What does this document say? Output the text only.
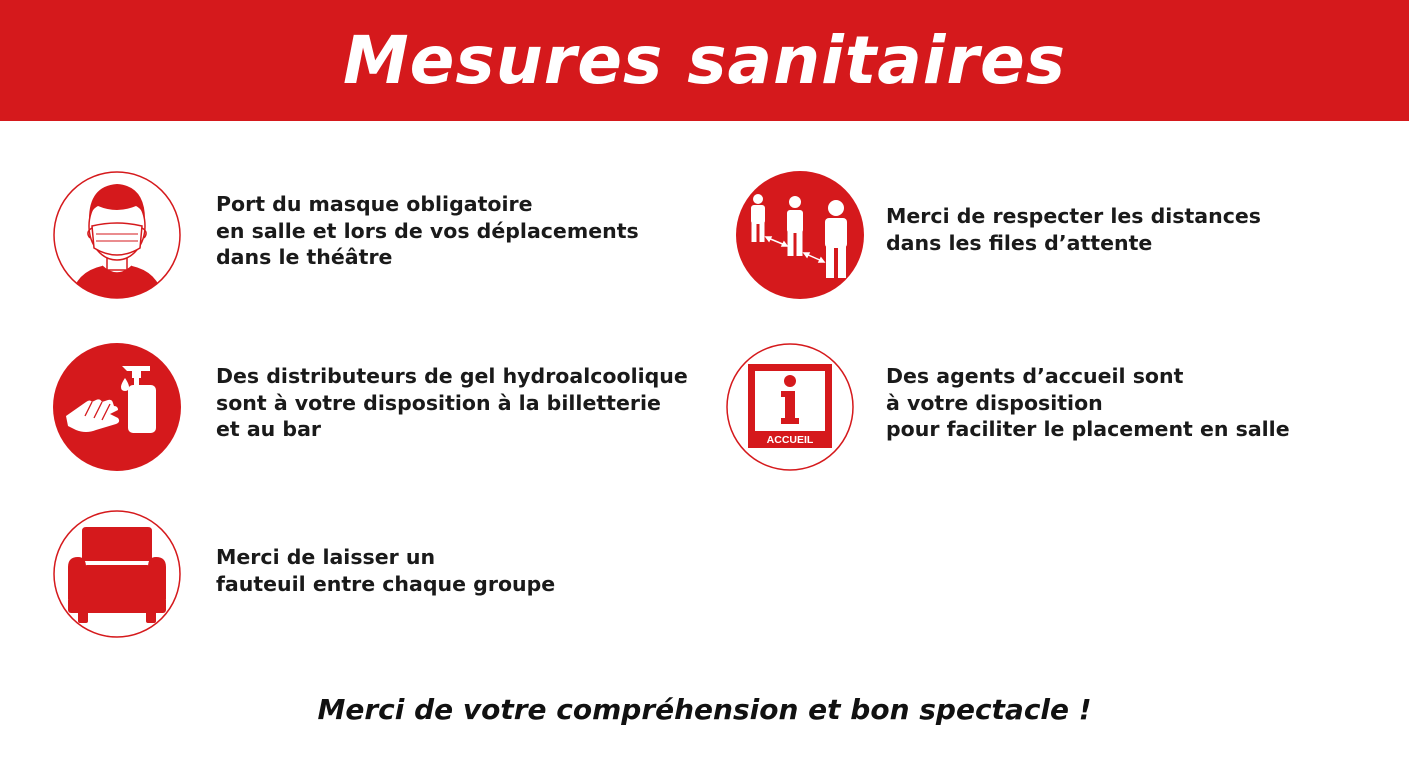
Mesures sanitaires
Port du masque obligatoire
en salle et lors de vos déplacements
dans le théâtre
Merci de respecter les distances
dans les files d’attente
Des distributeurs de gel hydroalcoolique
sont à votre disposition à la billetterie
et au bar	ACCUEIL
Des agents d’accueil sont
à votre disposition
pour faciliter le placement en salle
Merci de laisser un
fauteuil entre chaque groupe
Merci de votre compréhension et bon spectacle !
